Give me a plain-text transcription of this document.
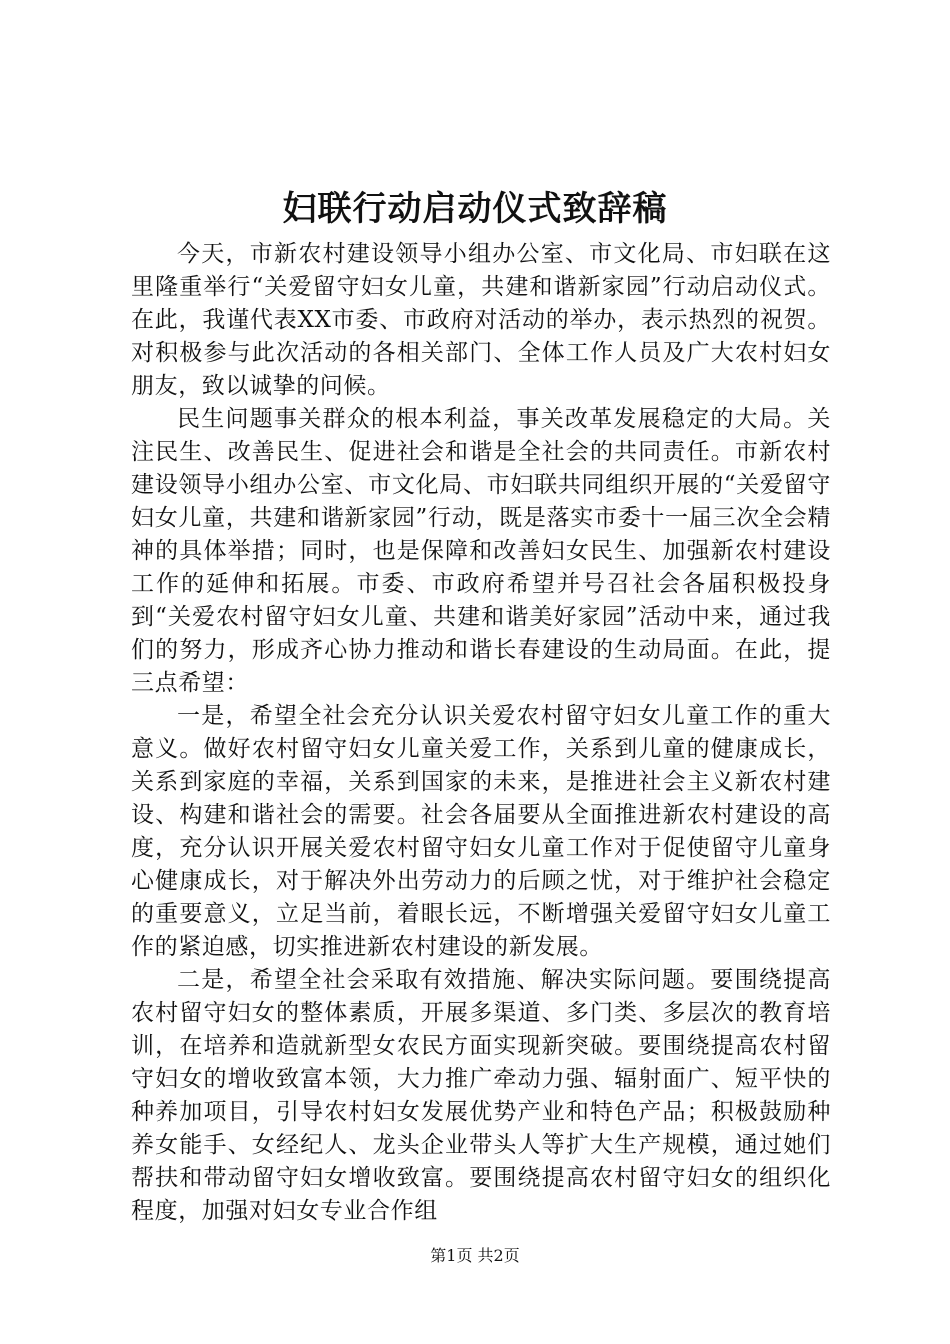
妇联行动启动仪式致辞稿

今天，市新农村建设领导小组办公室、市文化局、市妇联在这里隆重举行“关爱留守妇女儿童，共建和谐新家园”行动启动仪式。在此，我谨代表XX市委、市政府对活动的举办，表示热烈的祝贺。对积极参与此次活动的各相关部门、全体工作人员及广大农村妇女朋友，致以诚挚的问候。

民生问题事关群众的根本利益，事关改革发展稳定的大局。关注民生、改善民生、促进社会和谐是全社会的共同责任。市新农村建设领导小组办公室、市文化局、市妇联共同组织开展的“关爱留守妇女儿童，共建和谐新家园”行动，既是落实市委十一届三次全会精神的具体举措；同时，也是保障和改善妇女民生、加强新农村建设工作的延伸和拓展。市委、市政府希望并号召社会各届积极投身到“关爱农村留守妇女儿童、共建和谐美好家园”活动中来，通过我们的努力，形成齐心协力推动和谐长春建设的生动局面。在此，提三点希望：

一是，希望全社会充分认识关爱农村留守妇女儿童工作的重大意义。做好农村留守妇女儿童关爱工作，关系到儿童的健康成长，关系到家庭的幸福，关系到国家的未来，是推进社会主义新农村建设、构建和谐社会的需要。社会各届要从全面推进新农村建设的高度，充分认识开展关爱农村留守妇女儿童工作对于促使留守儿童身心健康成长，对于解决外出劳动力的后顾之忧，对于维护社会稳定的重要意义，立足当前，着眼长远，不断增强关爱留守妇女儿童工作的紧迫感，切实推进新农村建设的新发展。

二是，希望全社会采取有效措施、解决实际问题。要围绕提高农村留守妇女的整体素质，开展多渠道、多门类、多层次的教育培训，在培养和造就新型女农民方面实现新突破。要围绕提高农村留守妇女的增收致富本领，大力推广牵动力强、辐射面广、短平快的种养加项目，引导农村妇女发展优势产业和特色产品；积极鼓励种养女能手、女经纪人、龙头企业带头人等扩大生产规模，通过她们帮扶和带动留守妇女增收致富。要围绕提高农村留守妇女的组织化程度，加强对妇女专业合作组

第1页 共2页
